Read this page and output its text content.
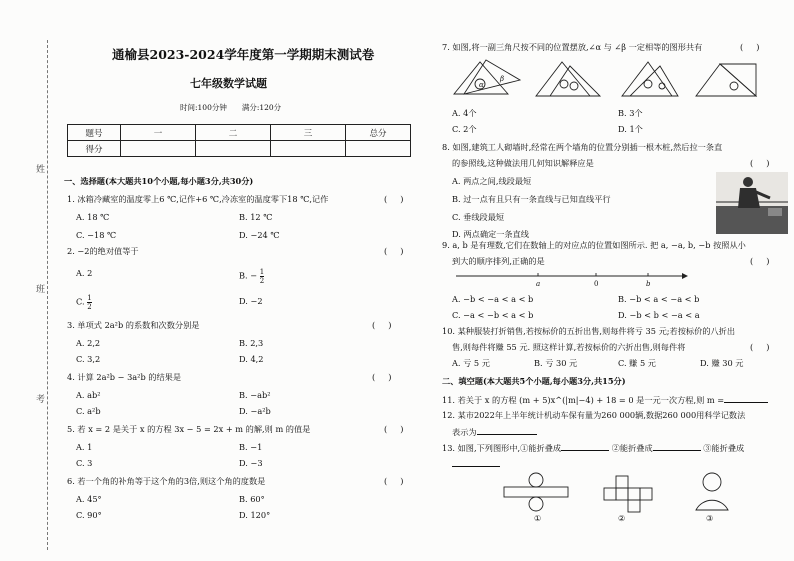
姓
班
考
通榆县2023-2024学年度第一学期期末测试卷
七年级数学试题
时间:100分钟　　满分:120分
题号	一	二	三	总分
得分				
一、选择题(本大题共10个小题,每小题3分,共30分)
1. 冰箱冷藏室的温度零上6 ℃,记作+6 ℃,冷冻室的温度零下18 ℃,记作	(     )
A. 18 ℃	B. 12 ℃
C. −18 ℃	D. −24 ℃
2. −2的绝对值等于	(     )
A. 2	B. − $\frac{1}{2}$
C. $\frac{1}{2}$	D. −2
3. 单项式 2a²b 的系数和次数分别是	(     )
A. 2,2	B. 2,3
C. 3,2	D. 4,2
4. 计算 2a²b − 3a²b 的结果是	(     )
A. ab²	B. −ab²
C. a²b	D. −a²b
5. 若 x = 2 是关于 x 的方程 3x − 5 = 2x + m 的解,则 m 的值是	(     )
A. 1	B. −1
C. 3	D. −3
6. 若一个角的补角等于这个角的3倍,则这个角的度数是	(     )
A. 45°	B. 60°
C. 90°	D. 120°
7. 如图,将一副三角尺按不同的位置摆放,∠α 与 ∠β 一定相等的图形共有	(     )
α
β
A. 4个	B. 3个
C. 2个	D. 1个
8. 如图,建筑工人砌墙时,经常在两个墙角的位置分别插一根木桩,然后拉一条直
的参照线,这种做法用几何知识解释应是	(     )
A. 两点之间,线段最短
B. 过一点有且只有一条直线与已知直线平行
C. 垂线段最短
D. 两点确定一条直线
9. a, b 是有理数,它们在数轴上的对应点的位置如图所示. 把 a, −a, b, −b 按照从小
到大的顺序排列,正确的是	(     )
a	0	b
A. −b < −a < a < b	B. −b < a < −a < b
C. −a < −b < a < b	D. −b < b < −a < a
10. 某种服装打折销售,若按标价的五折出售,则每件将亏 35 元;若按标价的八折出
售,则每件将赚 55 元. 照这样计算,若按标价的六折出售,则每件将	(     )
A. 亏 5 元	B. 亏 30 元	C. 赚 5 元	D. 赚 30 元
二、填空题(本大题共5个小题,每小题3分,共15分)
11. 若关于 x 的方程 (m + 5)x^(|m|−4) + 18 = 0 是一元一次方程,则 m =
12. 某市2022年上半年统计机动车保有量为260 000辆,数据260 000用科学记数法
表示为
13. 如图,下列图形中,①能折叠成	②能折叠成	③能折叠成
①	②	③
